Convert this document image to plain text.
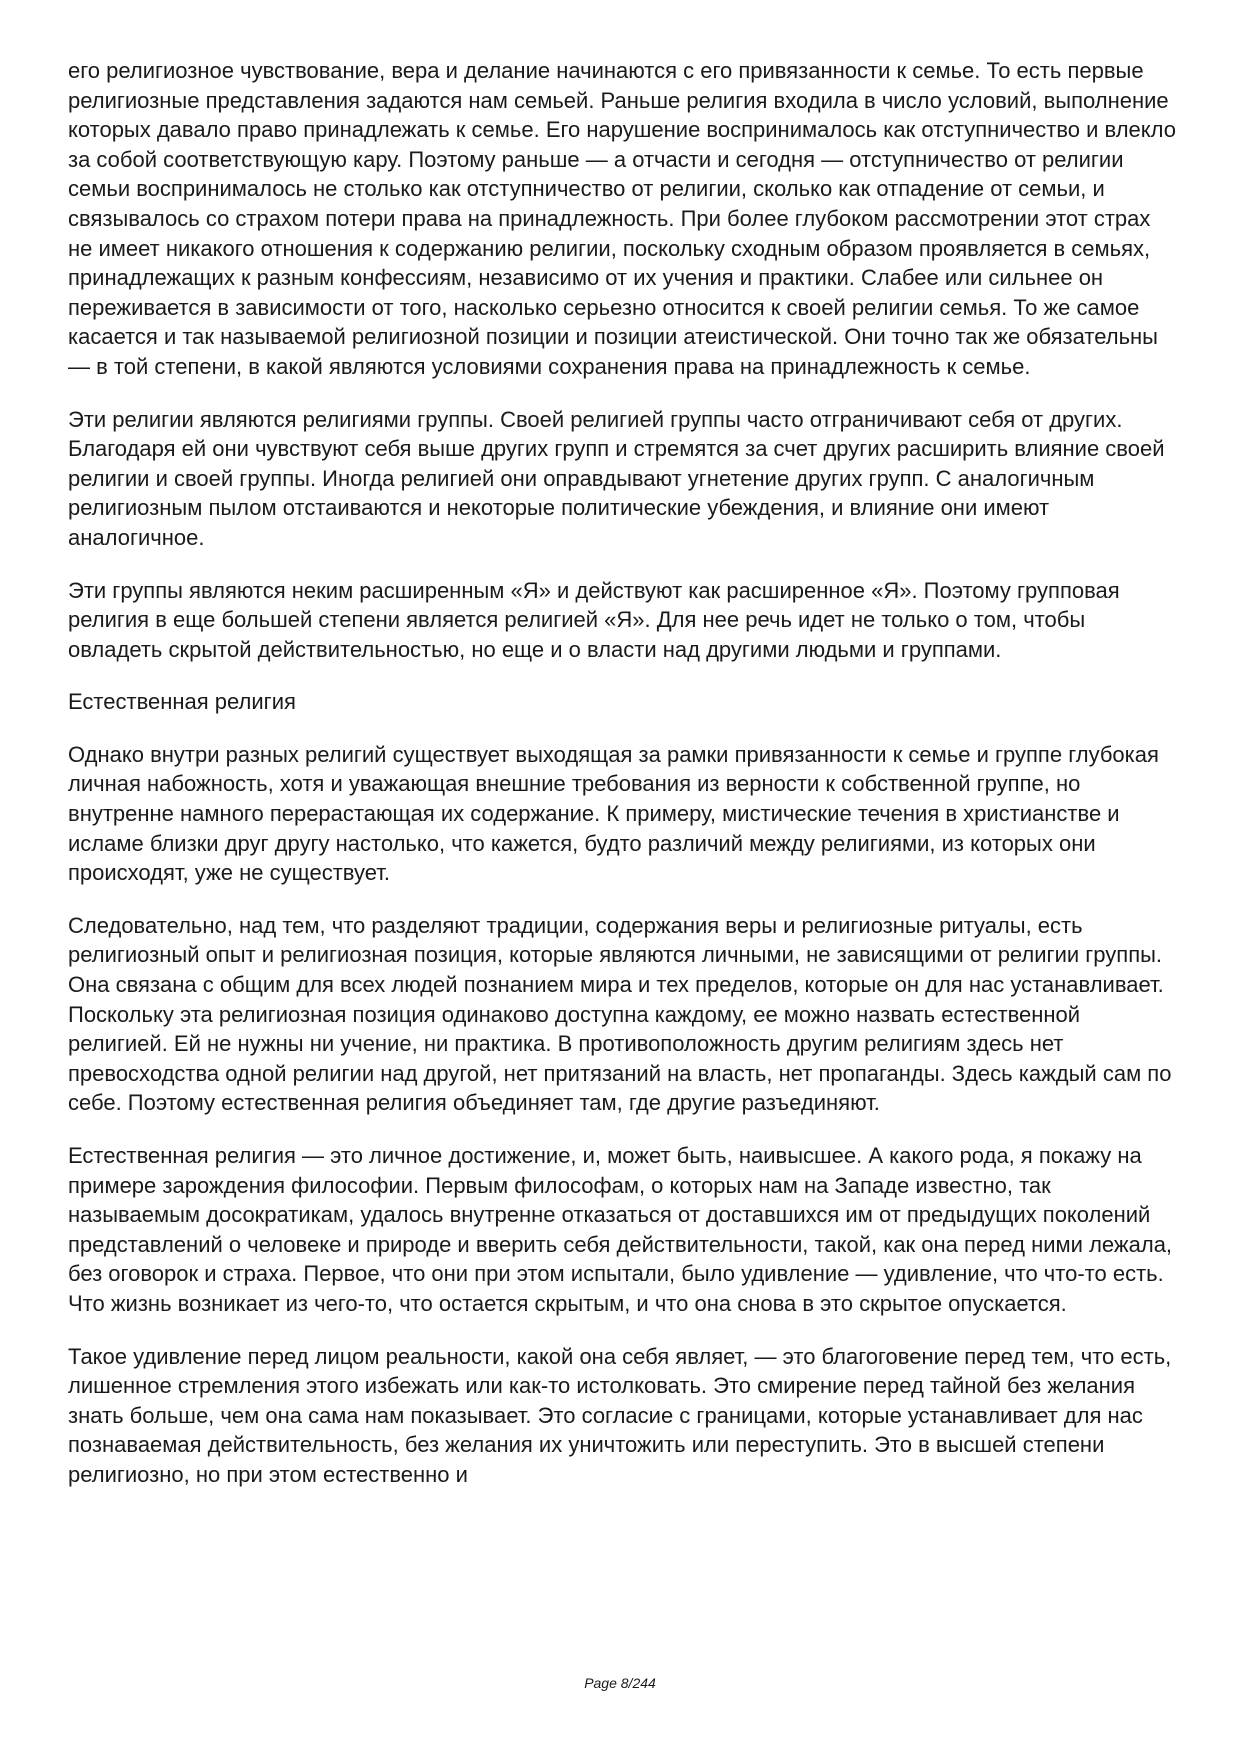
его религиозное чувствование, вера и делание начинаются с его привязанности к семье. То есть первые религиозные представления задаются нам семьей. Раньше религия входила в число условий, выполнение которых давало право принадлежать к семье. Его нарушение воспринималось как отступничество и влекло за собой соответствующую кару. Поэтому раньше — а отчасти и сегодня — отступничество от религии семьи воспринималось не столько как отступничество от религии, сколько как отпадение от семьи, и связывалось со страхом потери права на принадлежность. При более глубоком рассмотрении этот страх не имеет никакого отношения к содержанию религии, поскольку сходным образом проявляется в семьях, принадлежащих к разным конфессиям, независимо от их учения и практики. Слабее или сильнее он переживается в зависимости от того, насколько серьезно относится к своей религии семья. То же самое касается и так называемой религиозной позиции и позиции атеистической. Они точно так же обязательны — в той степени, в какой являются условиями сохранения права на принадлежность к семье.

Эти религии являются религиями группы. Своей религией группы часто отграничивают себя от других. Благодаря ей они чувствуют себя выше других групп и стремятся за счет других расширить влияние своей религии и своей группы. Иногда религией они оправдывают угнетение других групп. С аналогичным религиозным пылом отстаиваются и некоторые политические убеждения, и влияние они имеют аналогичное.

Эти группы являются неким расширенным «Я» и действуют как расширенное «Я». Поэтому групповая религия в еще большей степени является религией «Я». Для нее речь идет не только о том, чтобы овладеть скрытой действительностью, но еще и о власти над другими людьми и группами.

Естественная религия

Однако внутри разных религий существует выходящая за рамки привязанности к семье и группе глубокая личная набожность, хотя и уважающая внешние требования из верности к собственной группе, но внутренне намного перерастающая их содержание. К примеру, мистические течения в христианстве и исламе близки друг другу настолько, что кажется, будто различий между религиями, из которых они происходят, уже не существует.

Следовательно, над тем, что разделяют традиции, содержания веры и религиозные ритуалы, есть религиозный опыт и религиозная позиция, которые являются личными, не зависящими от религии группы. Она связана с общим для всех людей познанием мира и тех пределов, которые он для нас устанавливает. Поскольку эта религиозная позиция одинаково доступна каждому, ее можно назвать естественной религией. Ей не нужны ни учение, ни практика. В противоположность другим религиям здесь нет превосходства одной религии над другой, нет притязаний на власть, нет пропаганды. Здесь каждый сам по себе. Поэтому естественная религия объединяет там, где другие разъединяют.

Естественная религия — это личное достижение, и, может быть, наивысшее. А какого рода, я покажу на примере зарождения философии. Первым философам, о которых нам на Западе известно, так называемым досократикам, удалось внутренне отказаться от доставшихся им от предыдущих поколений представлений о человеке и природе и вверить себя действительности, такой, как она перед ними лежала, без оговорок и страха. Первое, что они при этом испытали, было удивление — удивление, что что-то есть. Что жизнь возникает из чего-то, что остается скрытым, и что она снова в это скрытое опускается.

Такое удивление перед лицом реальности, какой она себя являет, — это благоговение перед тем, что есть, лишенное стремления этого избежать или как-то истолковать. Это смирение перед тайной без желания знать больше, чем она сама нам показывает. Это согласие с границами, которые устанавливает для нас познаваемая действительность, без желания их уничтожить или переступить. Это в высшей степени религиозно, но при этом естественно и

Page 8/244
